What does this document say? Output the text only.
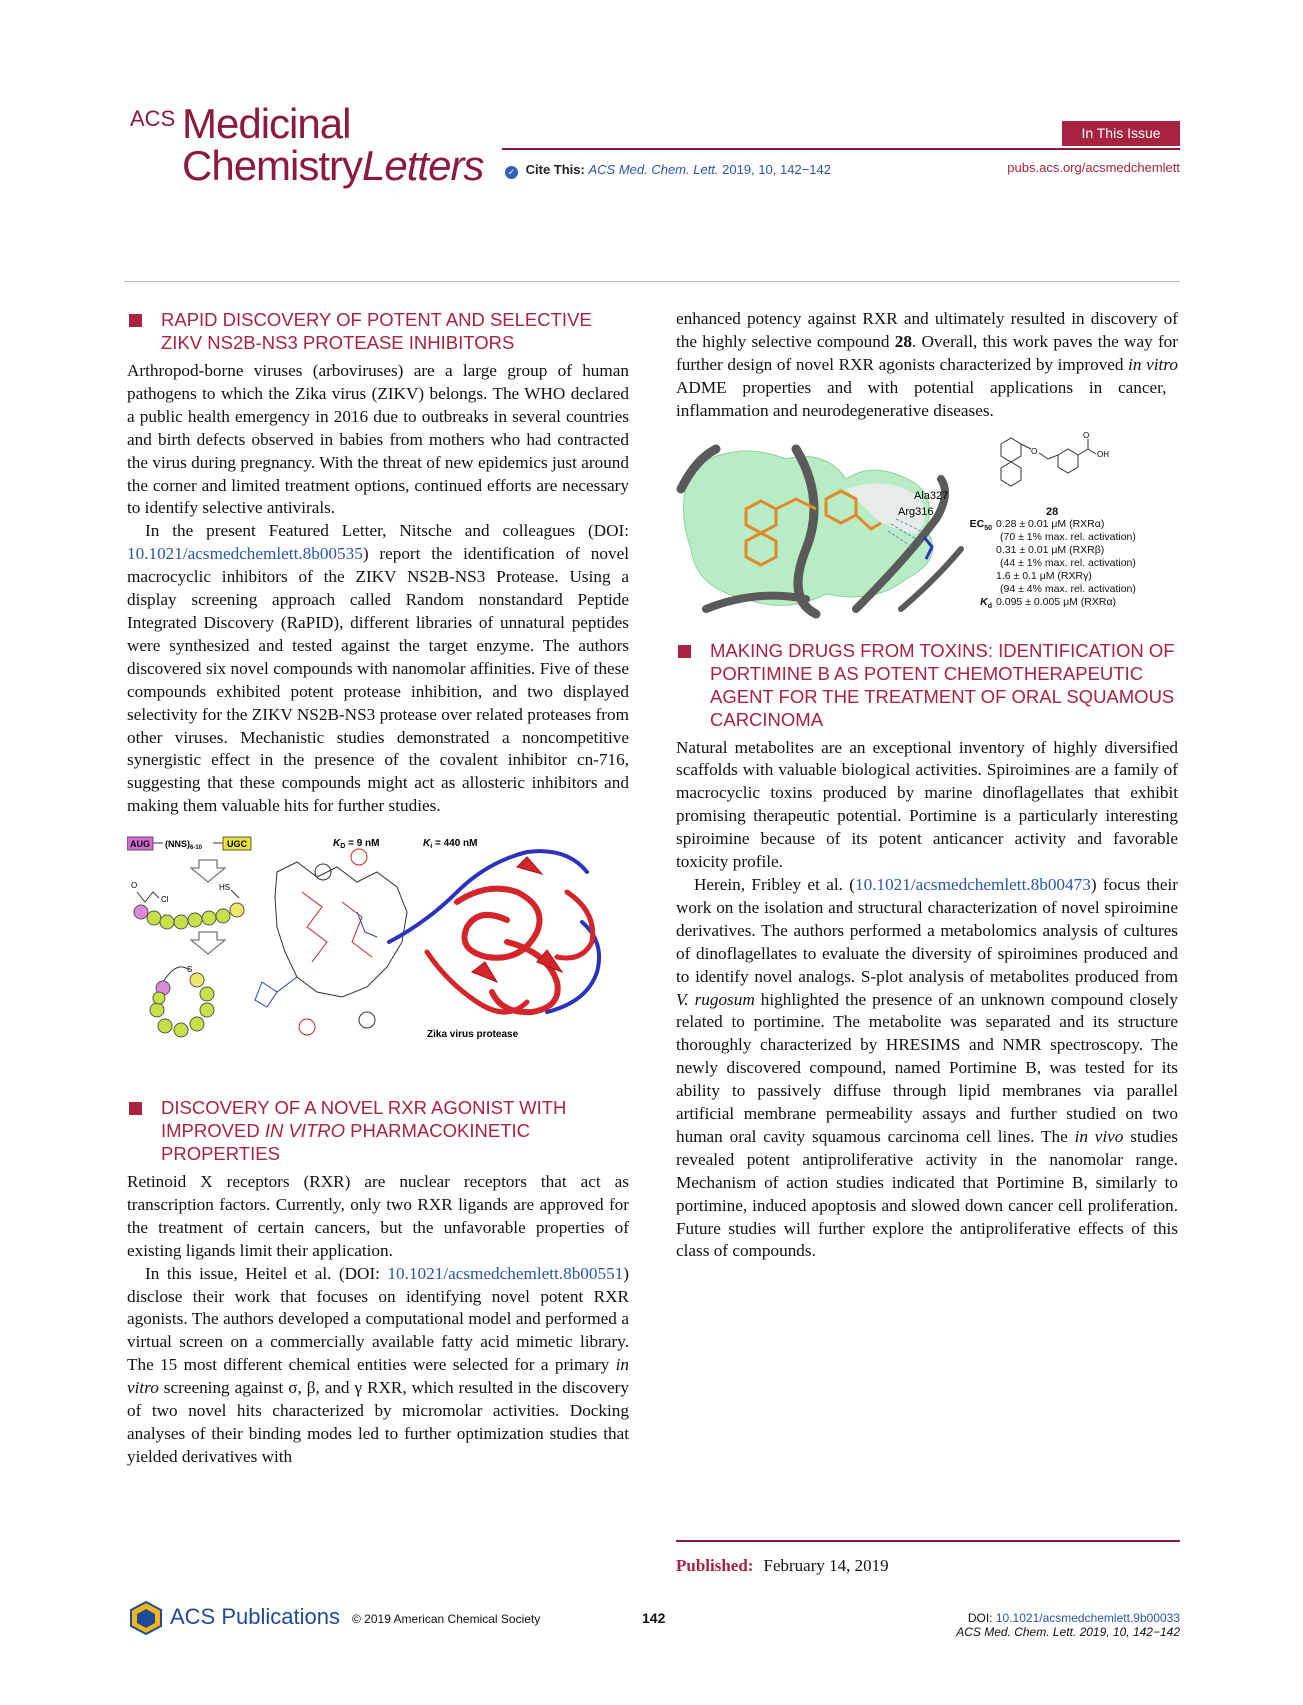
ACS Medicinal
ChemistryLetters
In This Issue
✓ Cite This: ACS Med. Chem. Lett. 2019, 10, 142−142	pubs.acs.org/acsmedchemlett
RAPID DISCOVERY OF POTENT AND SELECTIVE ZIKV NS2B-NS3 PROTEASE INHIBITORS

Arthropod-borne viruses (arboviruses) are a large group of human pathogens to which the Zika virus (ZIKV) belongs. The WHO declared a public health emergency in 2016 due to outbreaks in several countries and birth defects observed in babies from mothers who had contracted the virus during pregnancy. With the threat of new epidemics just around the corner and limited treatment options, continued efforts are necessary to identify selective antivirals.

In the present Featured Letter, Nitsche and colleagues (DOI: 10.1021/acsmedchemlett.8b00535) report the identification of novel macrocyclic inhibitors of the ZIKV NS2B-NS3 Protease. Using a display screening approach called Random nonstandard Peptide Integrated Discovery (RaPID), different libraries of unnatural peptides were synthesized and tested against the target enzyme. The authors discovered six novel compounds with nanomolar affinities. Five of these compounds exhibited potent protease inhibition, and two displayed selectivity for the ZIKV NS2B-NS3 protease over related proteases from other viruses. Mechanistic studies demonstrated a noncompetitive synergistic effect in the presence of the covalent inhibitor cn-716, suggesting that these compounds might act as allosteric inhibitors and making them valuable hits for further studies.

AUG $(NNS)_{6-10}$	UGC
O
Cl
HS
S
$K_D = 9$ nM	$K_i = 440$ nM
Zika virus protease
DISCOVERY OF A NOVEL RXR AGONIST WITH IMPROVED IN VITRO PHARMACOKINETIC PROPERTIES

Retinoid X receptors (RXR) are nuclear receptors that act as transcription factors. Currently, only two RXR ligands are approved for the treatment of certain cancers, but the unfavorable properties of existing ligands limit their application.

In this issue, Heitel et al. (DOI: 10.1021/acsmedchemlett.8b00551) disclose their work that focuses on identifying novel potent RXR agonists. The authors developed a computational model and performed a virtual screen on a commercially available fatty acid mimetic library. The 15 most different chemical entities were selected for a primary in vitro screening against σ, β, and γ RXR, which resulted in the discovery of two novel hits characterized by micromolar activities. Docking analyses of their binding modes led to further optimization studies that yielded derivatives with

enhanced potency against RXR and ultimately resulted in discovery of the highly selective compound 28. Overall, this work paves the way for further design of novel RXR agonists characterized by improved in vitro ADME properties and with potential applications in cancer, inflammation and neurodegenerative diseases.

Ala327
Arg316
O	OH
O
28
$EC_{50}$ 0.28 ± 0.01 μM (RXRα)
(70 ± 1% max. rel. activation)
0.31 ± 0.01 μM (RXRβ)
(44 ± 1% max. rel. activation)
1.6 ± 0.1 μM (RXRγ)
(94 ± 4% max. rel. activation)
$K_d$ 0.095 ± 0.005 μM (RXRα)
MAKING DRUGS FROM TOXINS: IDENTIFICATION OF PORTIMINE B AS POTENT CHEMOTHERAPEUTIC AGENT FOR THE TREATMENT OF ORAL SQUAMOUS CARCINOMA

Natural metabolites are an exceptional inventory of highly diversified scaffolds with valuable biological activities. Spiroimines are a family of macrocyclic toxins produced by marine dinoflagellates that exhibit promising therapeutic potential. Portimine is a particularly interesting spiroimine because of its potent anticancer activity and favorable toxicity profile.

Herein, Fribley et al. (10.1021/acsmedchemlett.8b00473) focus their work on the isolation and structural characterization of novel spiroimine derivatives. The authors performed a metabolomics analysis of cultures of dinoflagellates to evaluate the diversity of spiroimines produced and to identify novel analogs. S-plot analysis of metabolites produced from V. rugosum highlighted the presence of an unknown compound closely related to portimine. The metabolite was separated and its structure thoroughly characterized by HRESIMS and NMR spectroscopy. The newly discovered compound, named Portimine B, was tested for its ability to passively diffuse through lipid membranes via parallel artificial membrane permeability assays and further studied on two human oral cavity squamous carcinoma cell lines. The in vivo studies revealed potent antiproliferative activity in the nanomolar range. Mechanism of action studies indicated that Portimine B, similarly to portimine, induced apoptosis and slowed down cancer cell proliferation. Future studies will further explore the antiproliferative effects of this class of compounds.

Published: February 14, 2019
ACS Publications © 2019 American Chemical Society	142	DOI: 10.1021/acsmedchemlett.9b00033
ACS Med. Chem. Lett. 2019, 10, 142−142
